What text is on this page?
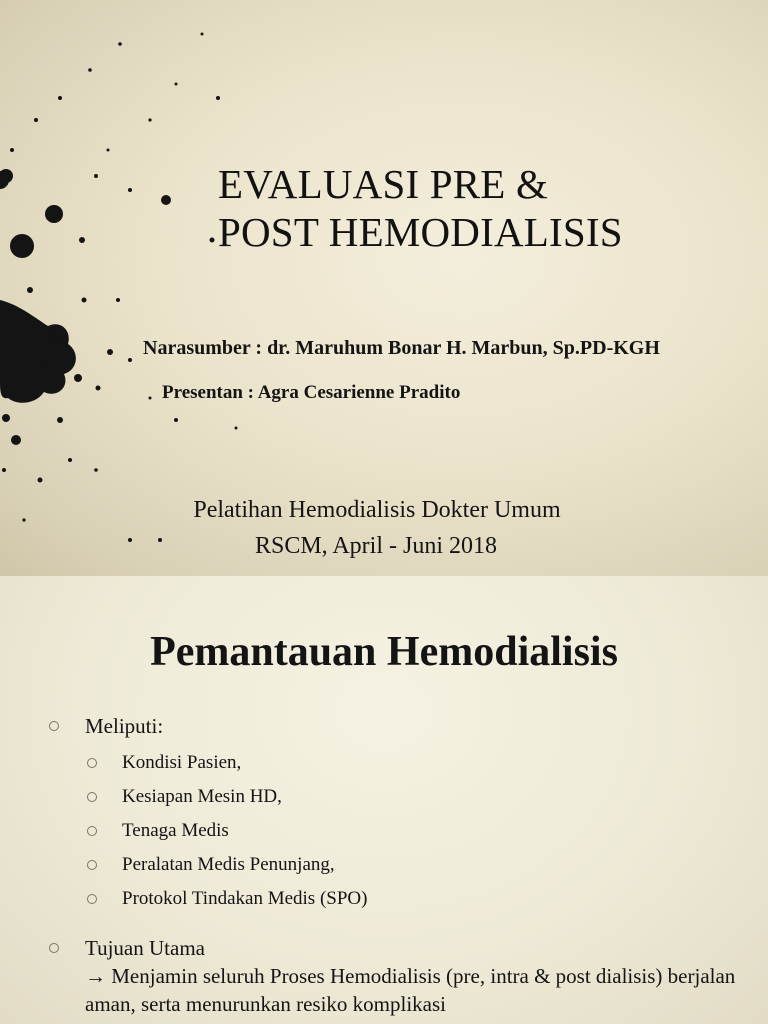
EVALUASI PRE &
POST HEMODIALISIS

Narasumber : dr. Maruhum Bonar H. Marbun, Sp.PD-KGH

Presentan : Agra Cesarienne Pradito

Pelatihan Hemodialisis Dokter Umum
RSCM, April - Juni 2018

Pemantauan Hemodialisis
Meliputi:
Kondisi Pasien,
Kesiapan Mesin HD,
Tenaga Medis
Peralatan Medis Penunjang,
Protokol Tindakan Medis (SPO)
Tujuan Utama
→ Menjamin seluruh Proses Hemodialisis (pre, intra & post dialisis) berjalan aman, serta menurunkan resiko komplikasi
